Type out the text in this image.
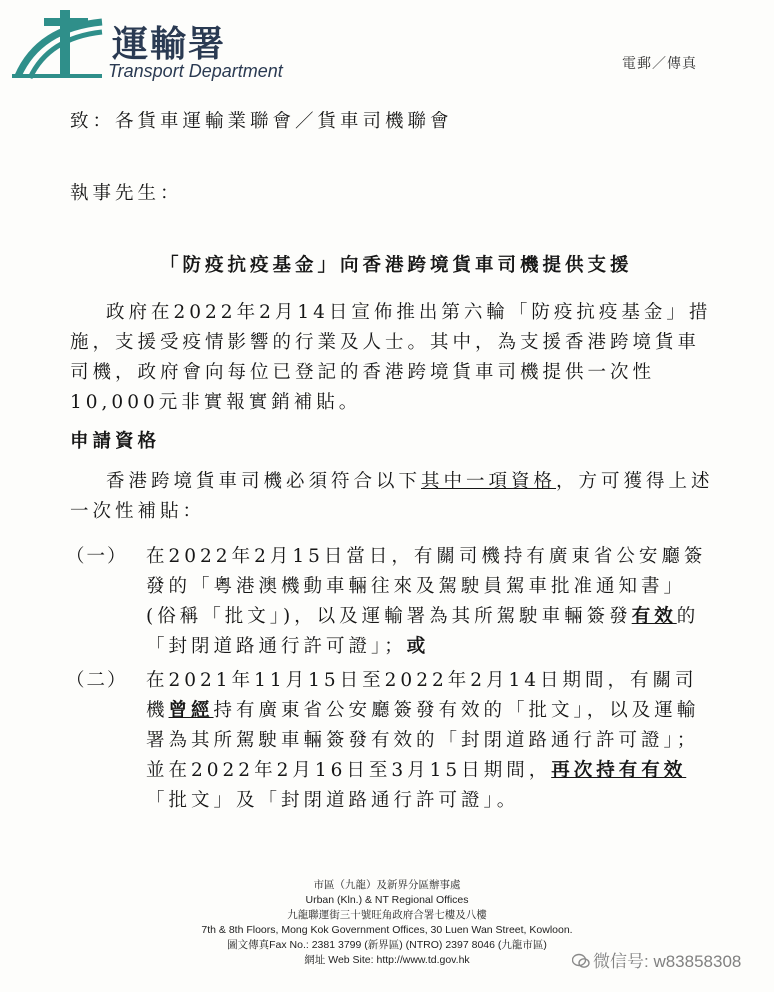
運輸署
Transport Department	電郵／傳真
致：各貨車運輸業聯會／貨車司機聯會
執事先生：
「防疫抗疫基金」向香港跨境貨車司機提供支援
政府在2022年2月14日宣佈推出第六輪「防疫抗疫基金」措施，支援受疫情影響的行業及人士。其中，為支援香港跨境貨車司機，政府會向每位已登記的香港跨境貨車司機提供一次性10,000元非實報實銷補貼。
申請資格
香港跨境貨車司機必須符合以下其中一項資格，方可獲得上述一次性補貼：
（一） 在2022年2月15日當日，有關司機持有廣東省公安廳簽發的「粵港澳機動車輛往來及駕駛員駕車批准通知書」(俗稱「批文」)，以及運輸署為其所駕駛車輛簽發有效的「封閉道路通行許可證」；或
（二） 在2021年11月15日至2022年2月14日期間，有關司機曾經持有廣東省公安廳簽發有效的「批文」，以及運輸署為其所駕駛車輛簽發有效的「封閉道路通行許可證」；並在2022年2月16日至3月15日期間，再次持有有效「批文」及「封閉道路通行許可證」。
市區（九龍）及新界分區辦事處
Urban (Kln.) & NT Regional Offices
九龍聯運街三十號旺角政府合署七樓及八樓
7th & 8th Floors, Mong Kok Government Offices, 30 Luen Wan Street, Kowloon.
圖文傳真Fax No.: 2381 3799 (新界區) (NTRO) 2397 8046 (九龍市區)
網址 Web Site: http://www.td.gov.hk	微信号: w83858308
